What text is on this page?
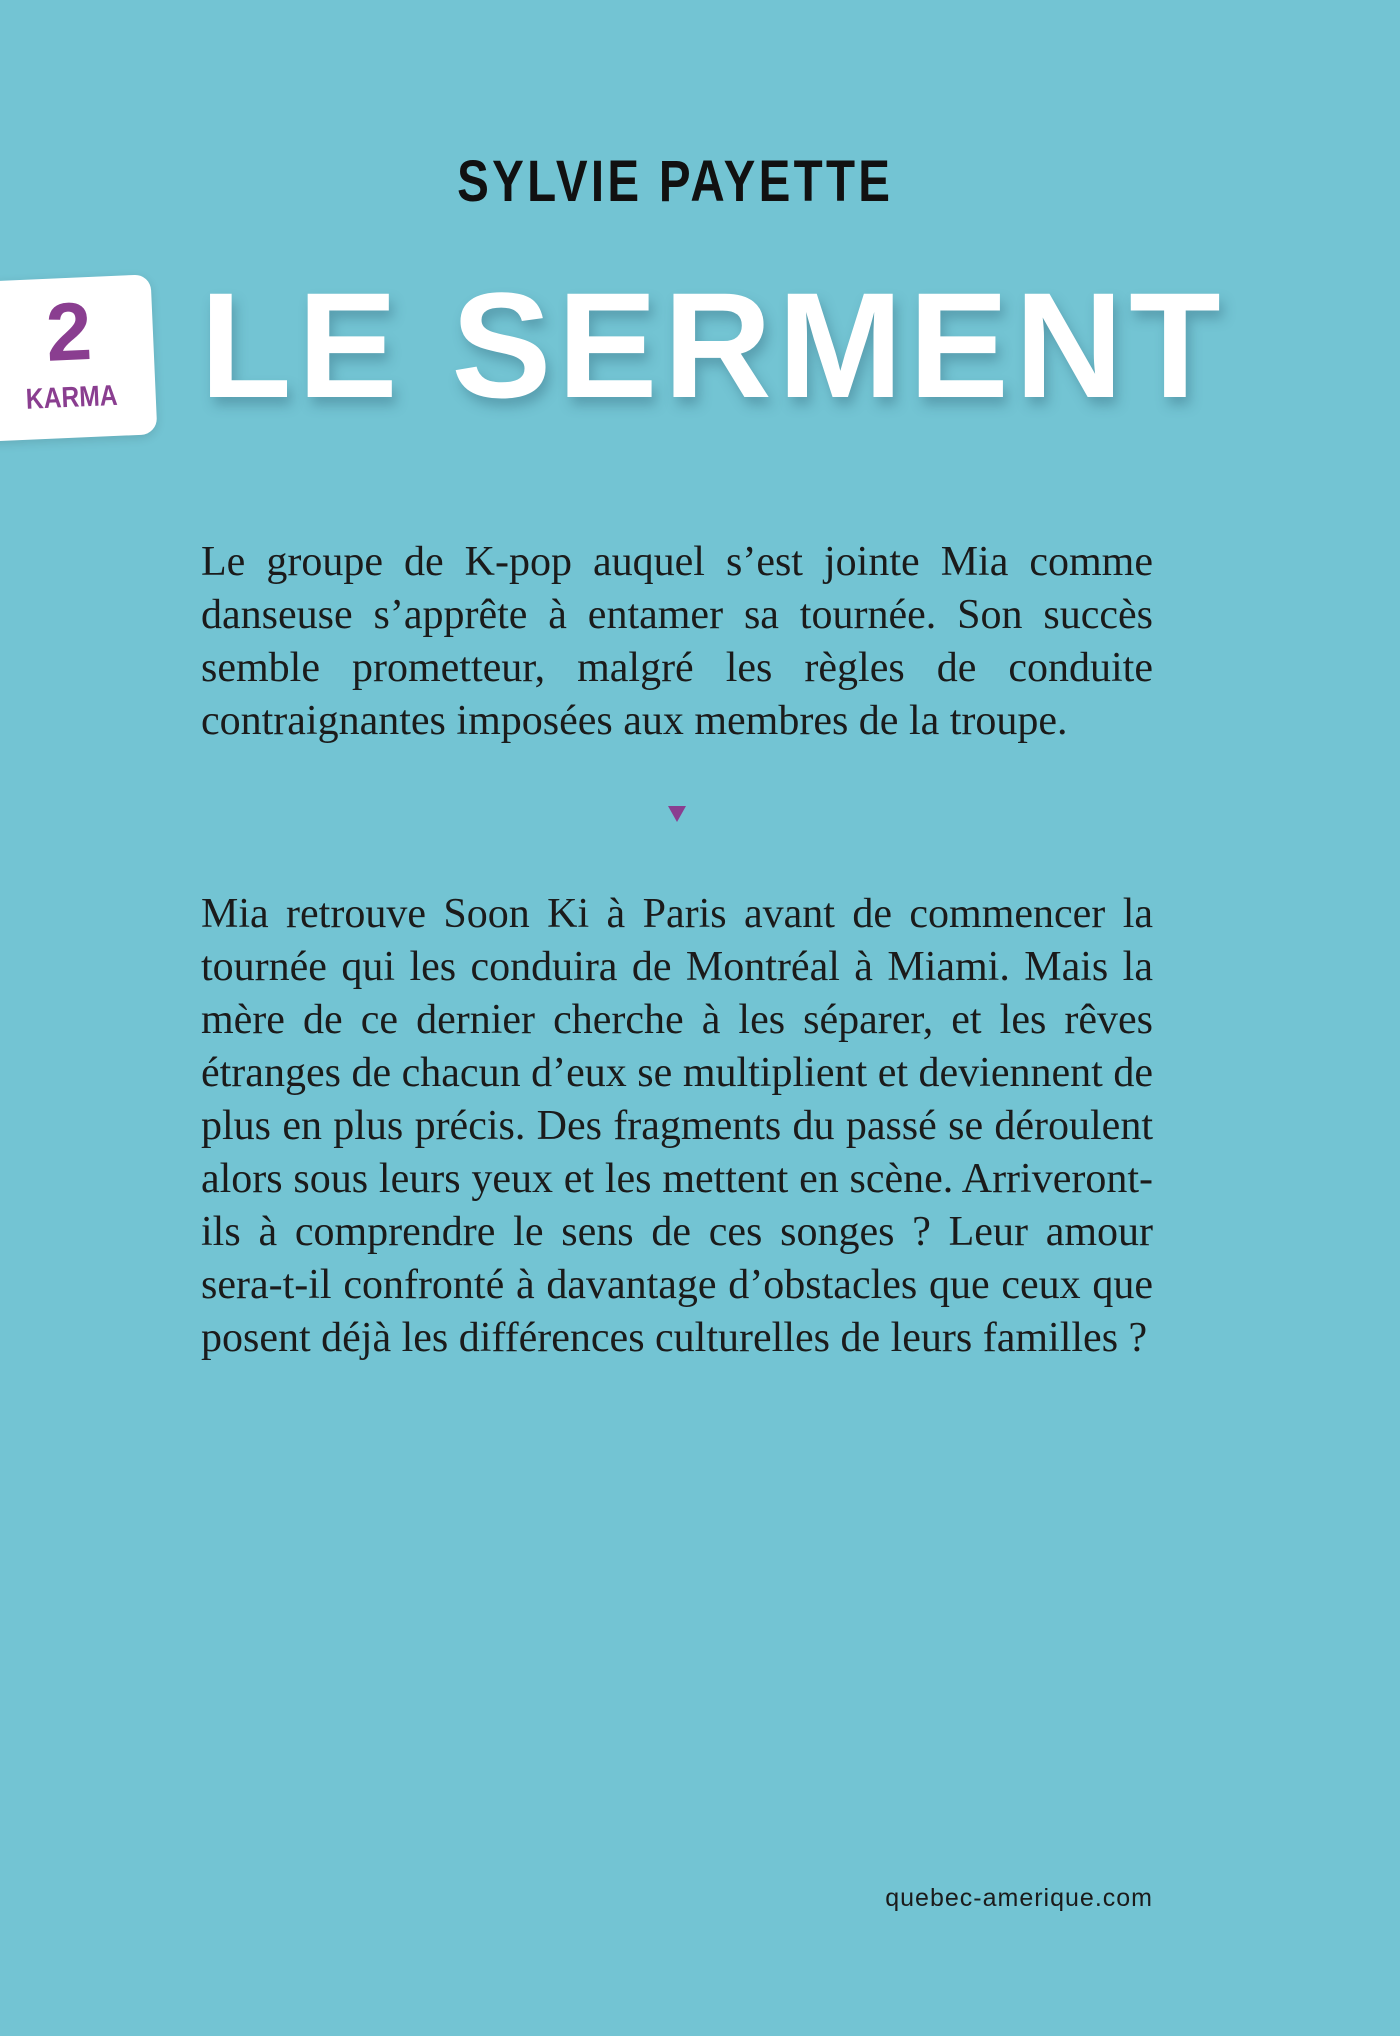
SYLVIE PAYETTE
2
KARMA LE SERMENT

Le groupe de K-pop auquel s’est jointe Mia comme danseuse s’apprête à entamer sa tournée. Son succès semble prometteur, malgré les règles de conduite contraignantes imposées aux membres de la troupe.

Mia retrouve Soon Ki à Paris avant de commencer la tournée qui les conduira de Montréal à Miami. Mais la mère de ce dernier cherche à les séparer, et les rêves étranges de chacun d’eux se multiplient et deviennent de plus en plus précis. Des fragments du passé se déroulent alors sous leurs yeux et les mettent en scène. Arriveront-ils à comprendre le sens de ces songes ? Leur amour sera-t-il confronté à davantage d’obstacles que ceux que posent déjà les différences culturelles de leurs familles ?

quebec-amerique.com
